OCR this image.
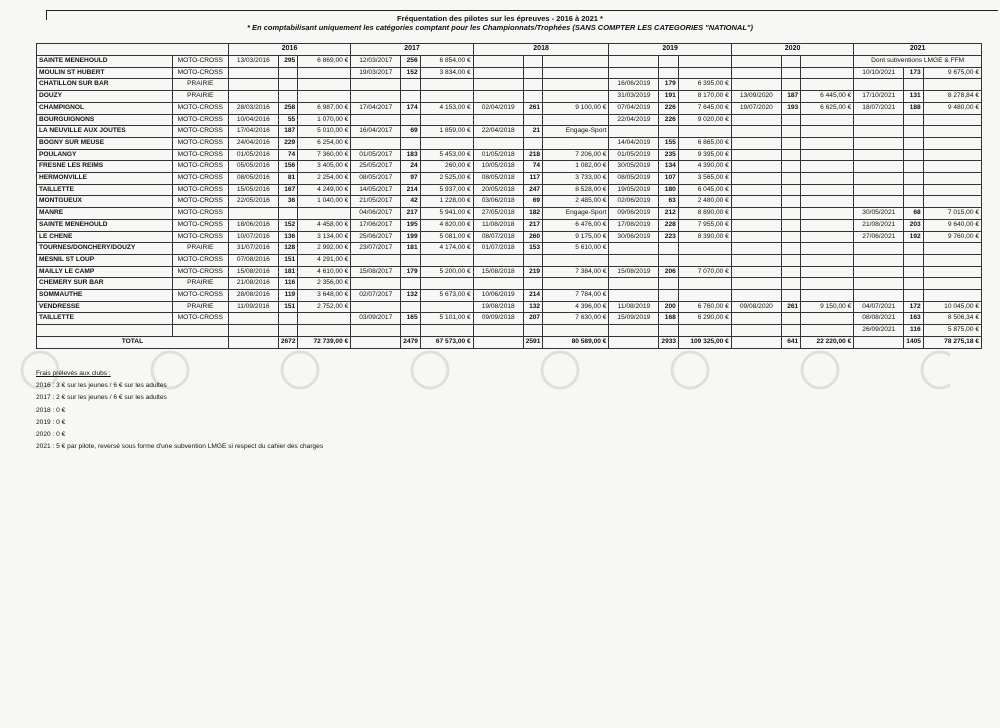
Fréquentation des pilotes sur les épreuves - 2016 à 2021 *
* En comptabilisant uniquement les catégories comptant pour les Championnats/Trophées (SANS COMPTER LES CATEGORIES "NATIONAL")
		2016			2017			2018			2019			2020			2021		
SAINTE MENEHOULD	MOTO-CROSS	13/03/2016	295	6 869,00 €	12/03/2017	256	6 854,00 €										Dont subventions LMGE & FFM		
MOULIN ST HUBERT	MOTO-CROSS				19/03/2017	152	3 834,00 €										10/10/2021	173	9 675,00 €
CHATILLON SUR BAR	PRAIRIE										16/06/2019	179	6 395,00 €						
DOUZY	PRAIRIE										31/03/2019	191	8 170,00 €	13/09/2020	187	6 445,00 €	17/10/2021	131	8 278,84 €
CHAMPIGNOL	MOTO-CROSS	28/03/2016	258	6 987,00 €	17/04/2017	174	4 153,00 €	02/04/2019	261	9 100,00 €	07/04/2019	226	7 645,00 €	19/07/2020	193	6 625,00 €	18/07/2021	188	9 480,00 €
BOURGUIGNONS	MOTO-CROSS	10/04/2016	55	1 070,00 €							22/04/2019	226	9 020,00 €						
LA NEUVILLE AUX JOUTES	MOTO-CROSS	17/04/2016	187	5 010,00 €	16/04/2017	69	1 859,00 €	22/04/2018	21	Engage-Sport									
BOGNY SUR MEUSE	MOTO-CROSS	24/04/2016	229	6 254,00 €							14/04/2019	155	6 865,00 €						
POULANGY	MOTO-CROSS	01/05/2016	74	7 360,00 €	01/05/2017	183	5 453,00 €	01/05/2018	218	7 206,00 €	01/05/2019	235	9 395,00 €						
FRESNE LES REIMS	MOTO-CROSS	05/05/2016	156	3 405,00 €	25/05/2017	24	260,00 €	10/05/2018	74	1 082,00 €	30/05/2019	134	4 390,00 €						
HERMONVILLE	MOTO-CROSS	08/05/2016	81	2 254,00 €	08/05/2017	97	2 525,00 €	08/05/2018	117	3 733,00 €	08/05/2019	107	3 565,00 €						
TAILLETTE	MOTO-CROSS	15/05/2016	167	4 249,00 €	14/05/2017	214	5 937,00 €	20/05/2018	247	8 528,00 €	19/05/2019	180	6 045,00 €						
MONTGUEUX	MOTO-CROSS	22/05/2016	36	1 040,00 €	21/05/2017	42	1 228,00 €	03/06/2018	69	2 485,00 €	02/06/2019	63	2 480,00 €						
MANRE	MOTO-CROSS				04/06/2017	217	5 941,00 €	27/05/2018	182	Engage-Sport	09/06/2019	212	8 890,00 €				30/05/2021	68	7 015,00 €
SAINTE MENEHOULD	MOTO-CROSS	18/06/2016	152	4 458,00 €	17/06/2017	195	4 820,00 €	11/08/2018	217	6 476,00 €	17/08/2019	228	7 955,00 €				21/08/2021	203	9 640,00 €
LE CHENE	MOTO-CROSS	10/07/2016	136	3 134,00 €	25/06/2017	199	5 081,00 €	08/07/2018	260	9 175,00 €	30/06/2019	223	8 390,00 €				27/06/2021	192	9 760,00 €
TOURNES/DONCHERY/DOUZY	PRAIRIE	31/07/2016	128	2 992,00 €	23/07/2017	181	4 174,00 €	01/07/2018	153	5 610,00 €									
MESNIL ST LOUP	MOTO-CROSS	07/08/2016	151	4 291,00 €															
MAILLY LE CAMP	MOTO-CROSS	15/08/2016	181	4 610,00 €	15/08/2017	179	5 200,00 €	15/08/2018	219	7 384,00 €	15/08/2019	206	7 070,00 €						
CHEMERY SUR BAR	PRAIRIE	21/08/2016	116	2 356,00 €															
SOMMAUTHE	MOTO-CROSS	28/08/2016	119	3 648,00 €	02/07/2017	132	5 673,00 €	10/06/2019	214	7 784,00 €									
VENDRESSE	PRAIRIE	11/09/2016	151	2 752,00 €				19/08/2018	132	4 396,00 €	11/08/2019	200	6 760,00 €	09/08/2020	261	9 150,00 €	04/07/2021	172	10 045,00 €
TAILLETTE	MOTO-CROSS				03/09/2017	165	5 101,00 €	09/09/2018	207	7 630,00 €	15/09/2019	168	6 290,00 €				08/08/2021	163	8 506,34 €
																	26/09/2021	116	5 875,00 €
TOTAL			2672	72 739,00 €		2479	67 573,00 €		2591	80 589,00 €		2933	109 325,00 €		641	22 220,00 €		1405	78 275,18 €
Frais prélevés aux clubs :
2016 : 3 € sur les jeunes / 6 € sur les adultes
2017 : 2 € sur les jeunes / 6 € sur les adultes
2018 : 0 €
2019 : 0 €
2020 : 0 €
2021 : 5 € par pilote, reversé sous forme d'une subvention LMGE si respect du cahier des charges
